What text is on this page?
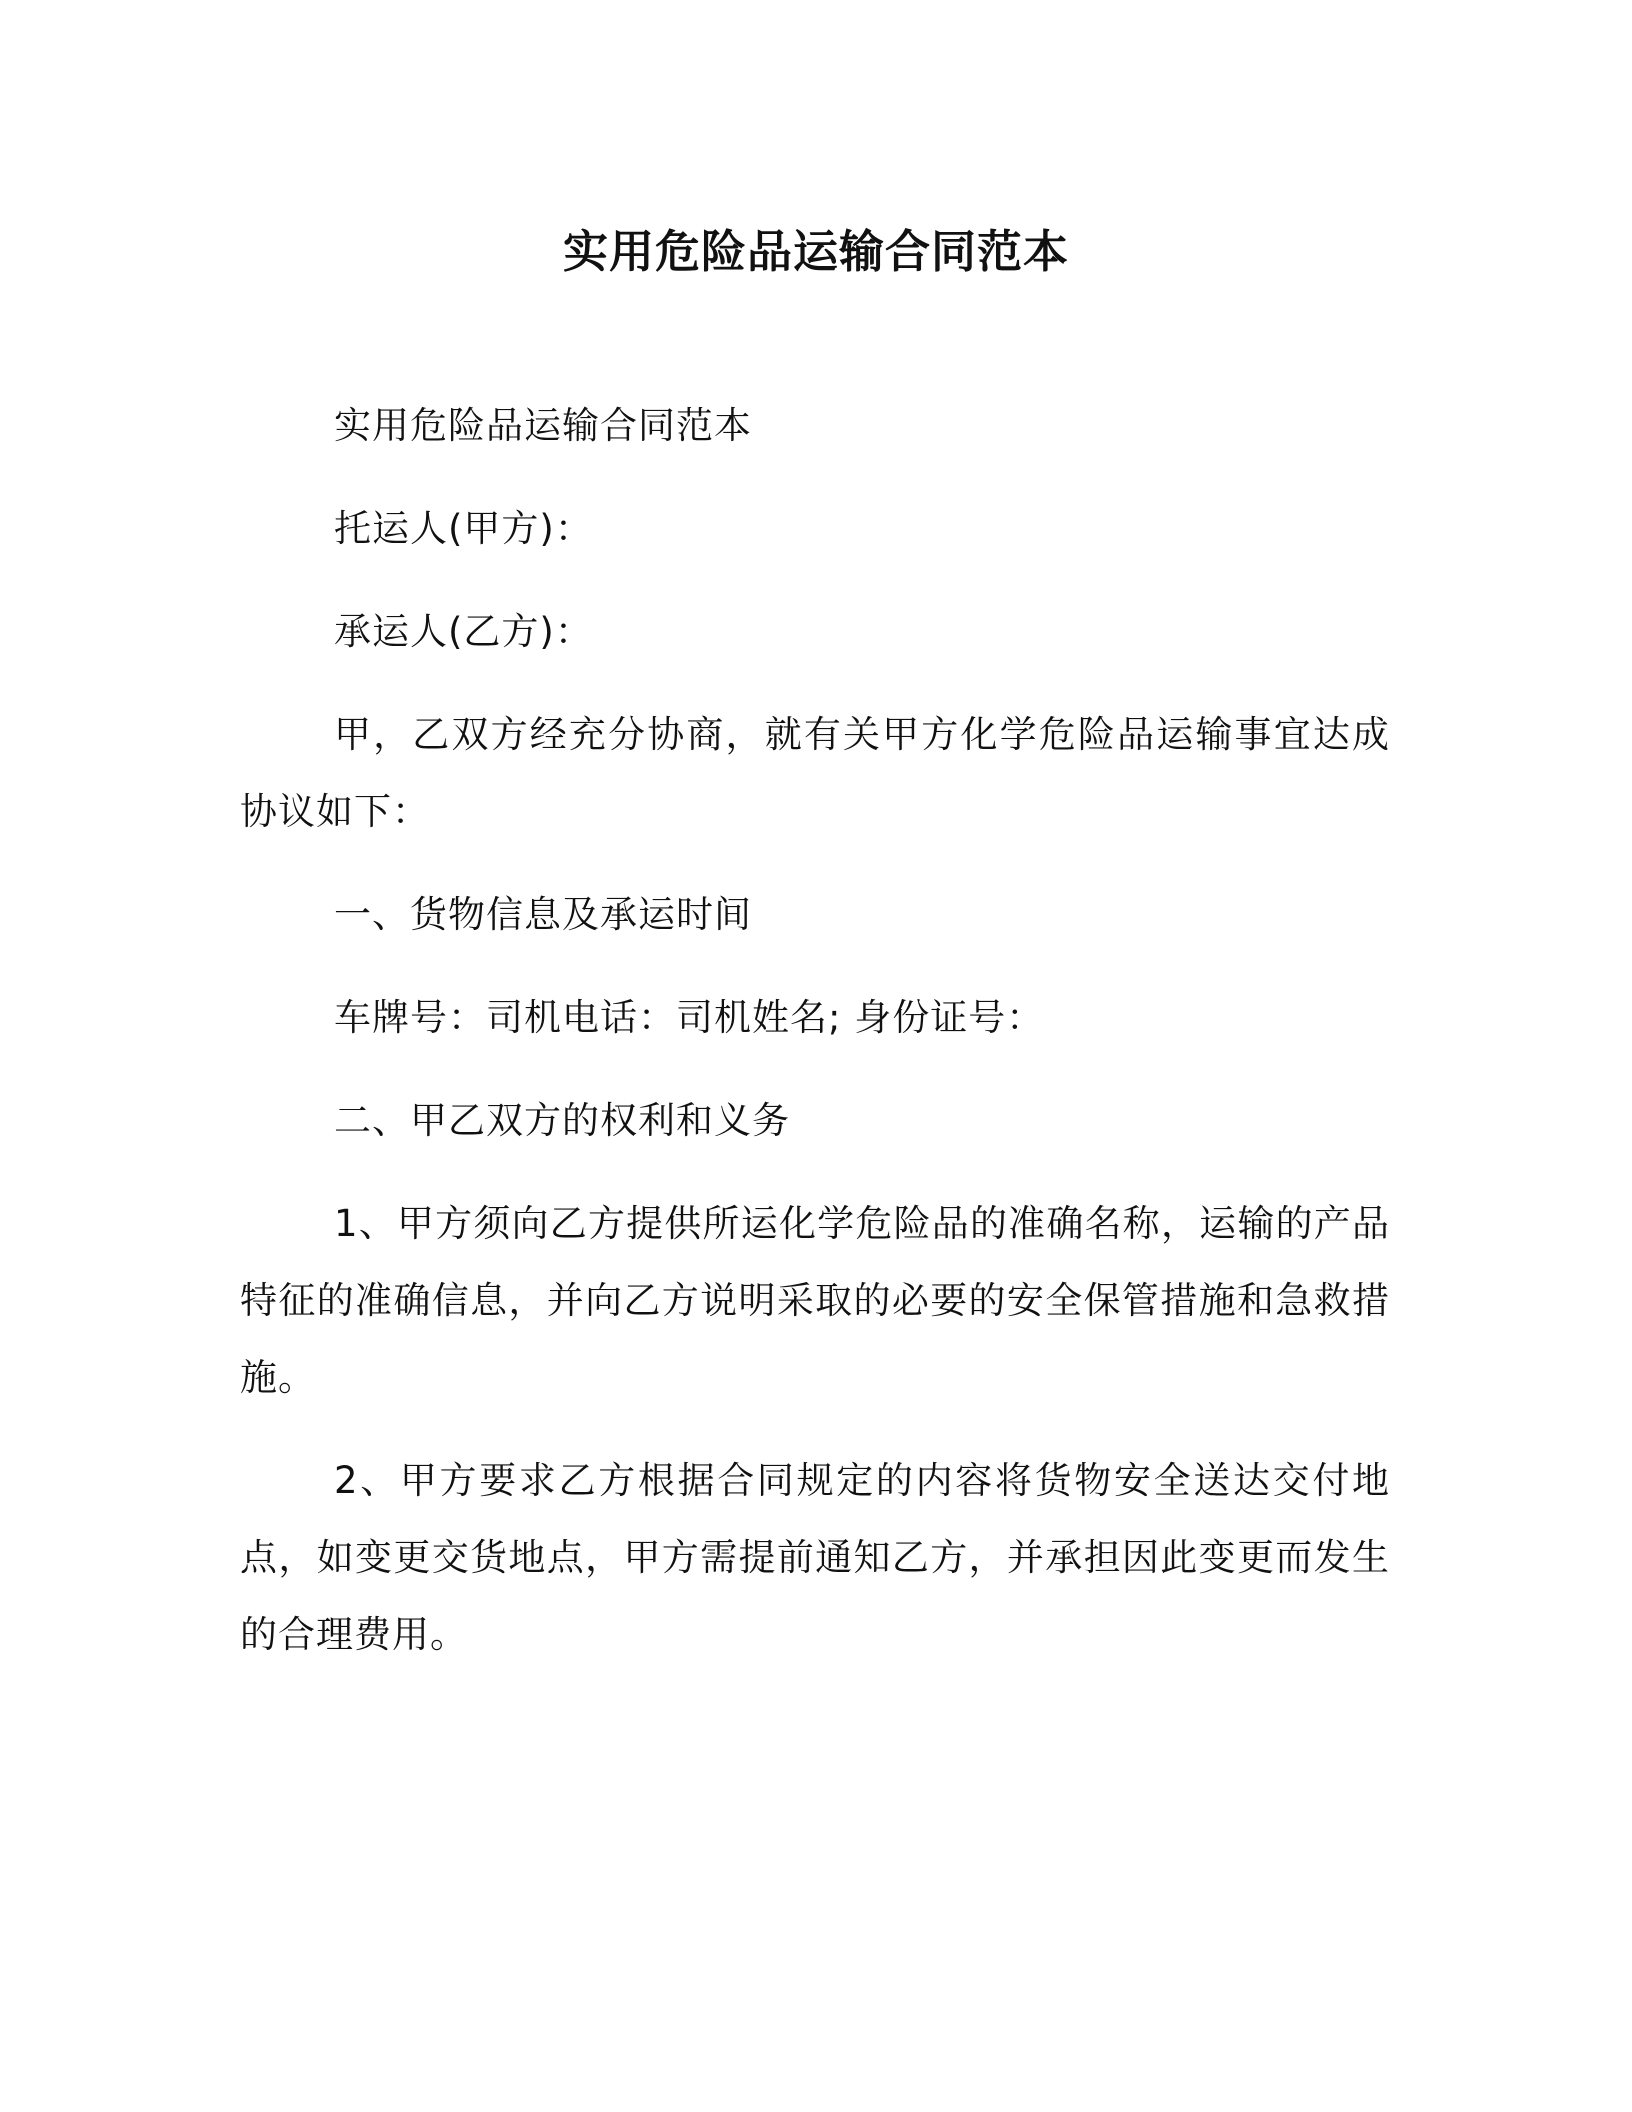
实用危险品运输合同范本

实用危险品运输合同范本

托运人(甲方)：

承运人(乙方)：

甲，乙双方经充分协商，就有关甲方化学危险品运输事宜达成协议如下：

一、货物信息及承运时间

车牌号：司机电话：司机姓名; 身份证号：

二、甲乙双方的权利和义务

1、甲方须向乙方提供所运化学危险品的准确名称，运输的产品特征的准确信息，并向乙方说明采取的必要的安全保管措施和急救措施。

2、甲方要求乙方根据合同规定的内容将货物安全送达交付地点，如变更交货地点，甲方需提前通知乙方，并承担因此变更而发生的合理费用。
